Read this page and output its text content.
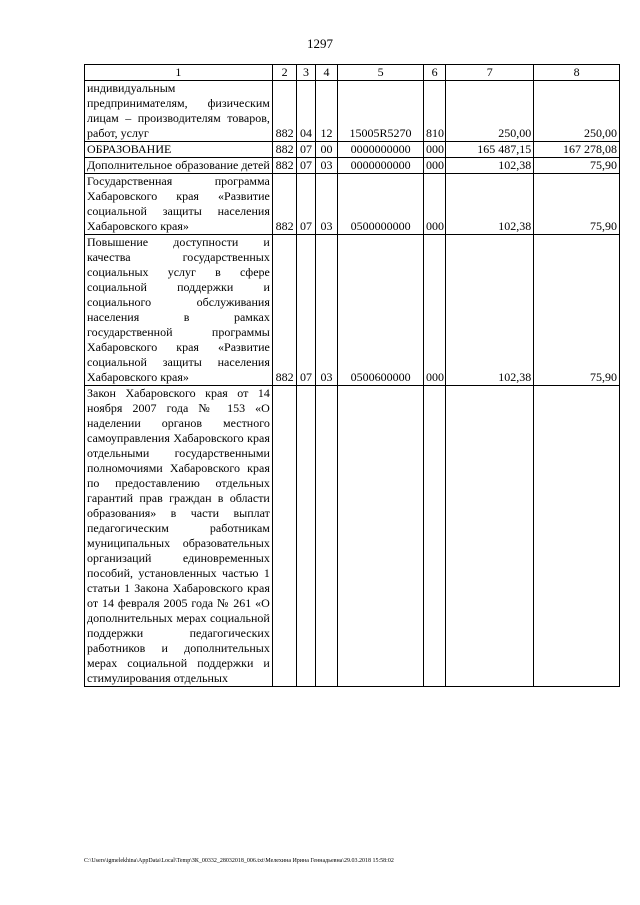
1297
1	2	3	4	5	6	7	8
индивидуальным предпринимателям, физическим лицам – производителям товаров, работ, услуг	882	04	12	15005R5270	810	250,00	250,00
ОБРАЗОВАНИЕ	882	07	00	0000000000	000	165 487,15	167 278,08
Дополнительное образование детей	882	07	03	0000000000	000	102,38	75,90
Государственная программа Хабаровского края «Развитие социальной защиты населения Хабаровского края»	882	07	03	0500000000	000	102,38	75,90
Повышение доступности и качества государственных социальных услуг в сфере социальной поддержки и социального обслуживания населения в рамках государственной программы Хабаровского края «Развитие социальной защиты населения Хабаровского края»	882	07	03	0500600000	000	102,38	75,90
Закон Хабаровского края от 14 ноября 2007 года № 153 «О наделении органов местного самоуправления Хабаровского края отдельными государственными полномочиями Хабаровского края по предоставлению отдельных гарантий прав граждан в области образования» в части выплат педагогическим работникам муниципальных образовательных организаций единовременных пособий, установленных частью 1 статьи 1 Закона Хабаровского края от 14 февраля 2005 года № 261 «О дополнительных мерах социальной поддержки педагогических работников и дополнительных мерах социальной поддержки и стимулирования отдельных							
C:\Users\igmelekhina\AppData\Local\Temp\ЗК_00332_28032018_006.txt\Мелехина Ирина Геннадьевна\29.03.2018 15:58:02
